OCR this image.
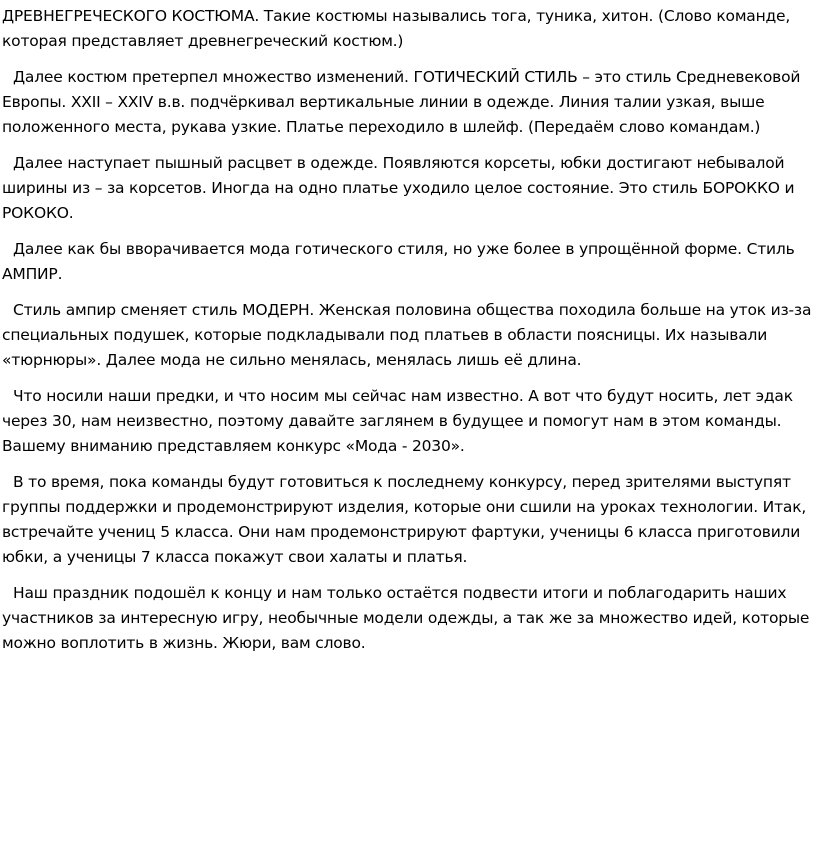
ДРЕВНЕГРЕЧЕСКОГО КОСТЮМА. Такие костюмы назывались тога, туника, хитон. (Слово команде, которая представляет древнегреческий костюм.)

Далее костюм претерпел множество изменений. ГОТИЧЕСКИЙ СТИЛЬ – это стиль Средневековой Европы. XXII – XXIV в.в. подчёркивал вертикальные линии в одежде. Линия талии узкая, выше положенного места, рукава узкие. Платье переходило в шлейф. (Передаём слово командам.)

Далее наступает пышный расцвет в одежде. Появляются корсеты, юбки достигают небывалой ширины из – за корсетов. Иногда на одно платье уходило целое состояние. Это стиль БОРОККО и РОКОКО.

Далее как бы вворачивается мода готического стиля, но уже более в упрощённой форме. Стиль АМПИР.

Стиль ампир сменяет стиль МОДЕРН. Женская половина общества походила больше на уток из-за специальных подушек, которые подкладывали под платьев в области поясницы. Их называли «тюрнюры». Далее мода не сильно менялась, менялась лишь её длина.

Что носили наши предки, и что носим мы сейчас нам известно. А вот что будут носить, лет эдак через 30, нам неизвестно, поэтому давайте заглянем в будущее и помогут нам в этом команды. Вашему вниманию представляем конкурс «Мода - 2030».

В то время, пока команды будут готовиться к последнему конкурсу, перед зрителями выступят группы поддержки и продемонстрируют изделия, которые они сшили на уроках технологии. Итак, встречайте учениц 5 класса. Они нам продемонстрируют фартуки, ученицы 6 класса приготовили юбки, а ученицы 7 класса покажут свои халаты и платья.

Наш праздник подошёл к концу и нам только остаётся подвести итоги и поблагодарить наших участников за интересную игру, необычные модели одежды, а так же за множество идей, которые можно воплотить в жизнь. Жюри, вам слово.
